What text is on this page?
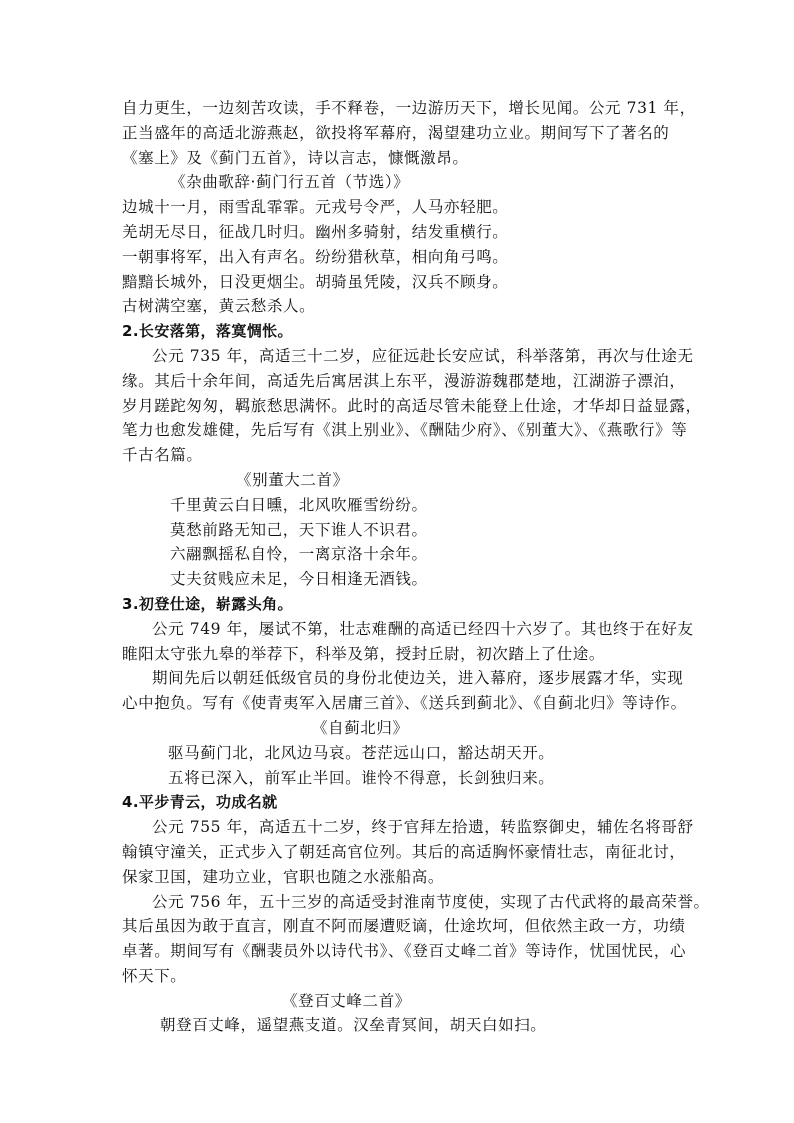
自力更生，一边刻苦攻读，手不释卷，一边游历天下，增长见闻。公元 731 年，

正当盛年的高适北游燕赵，欲投将军幕府，渴望建功立业。期间写下了著名的

《塞上》及《蓟门五首》，诗以言志，慷慨激昂。

《杂曲歌辞·蓟门行五首（节选）》

边城十一月，雨雪乱霏霏。元戎号令严，人马亦轻肥。

羌胡无尽日，征战几时归。幽州多骑射，结发重横行。

一朝事将军，出入有声名。纷纷猎秋草，相向角弓鸣。

黯黯长城外，日没更烟尘。胡骑虽凭陵，汉兵不顾身。

古树满空塞，黄云愁杀人。

2.长安落第，落寞惆怅。

公元 735 年，高适三十二岁，应征远赴长安应试，科举落第，再次与仕途无

缘。其后十余年间，高适先后寓居淇上东平，漫游游魏郡楚地，江湖游子漂泊，

岁月蹉跎匆匆，羁旅愁思满怀。此时的高适尽管未能登上仕途，才华却日益显露，

笔力也愈发雄健，先后写有《淇上别业》、《酬陆少府》、《别董大》、《燕歌行》等

千古名篇。

《别董大二首》

千里黄云白日曛，北风吹雁雪纷纷。

莫愁前路无知己，天下谁人不识君。

六翮飘摇私自怜，一离京洛十余年。

丈夫贫贱应未足，今日相逢无酒钱。

3.初登仕途，崭露头角。

公元 749 年，屡试不第，壮志难酬的高适已经四十六岁了。其也终于在好友

睢阳太守张九皋的举荐下，科举及第，授封丘尉，初次踏上了仕途。

期间先后以朝廷低级官员的身份北使边关，进入幕府，逐步展露才华，实现

心中抱负。写有《使青夷军入居庸三首》、《送兵到蓟北》、《自蓟北归》等诗作。

《自蓟北归》

驱马蓟门北，北风边马哀。苍茫远山口，豁达胡天开。

五将已深入，前军止半回。谁怜不得意，长剑独归来。

4.平步青云，功成名就

公元 755 年，高适五十二岁，终于官拜左拾遗，转监察御史，辅佐名将哥舒

翰镇守潼关，正式步入了朝廷高官位列。其后的高适胸怀豪情壮志，南征北讨，

保家卫国，建功立业，官职也随之水涨船高。

公元 756 年，五十三岁的高适受封淮南节度使，实现了古代武将的最高荣誉。

其后虽因为敢于直言，刚直不阿而屡遭贬谪，仕途坎坷，但依然主政一方，功绩

卓著。期间写有《酬裴员外以诗代书》、《登百丈峰二首》等诗作，忧国忧民，心

怀天下。

《登百丈峰二首》

朝登百丈峰，遥望燕支道。汉垒青冥间，胡天白如扫。
